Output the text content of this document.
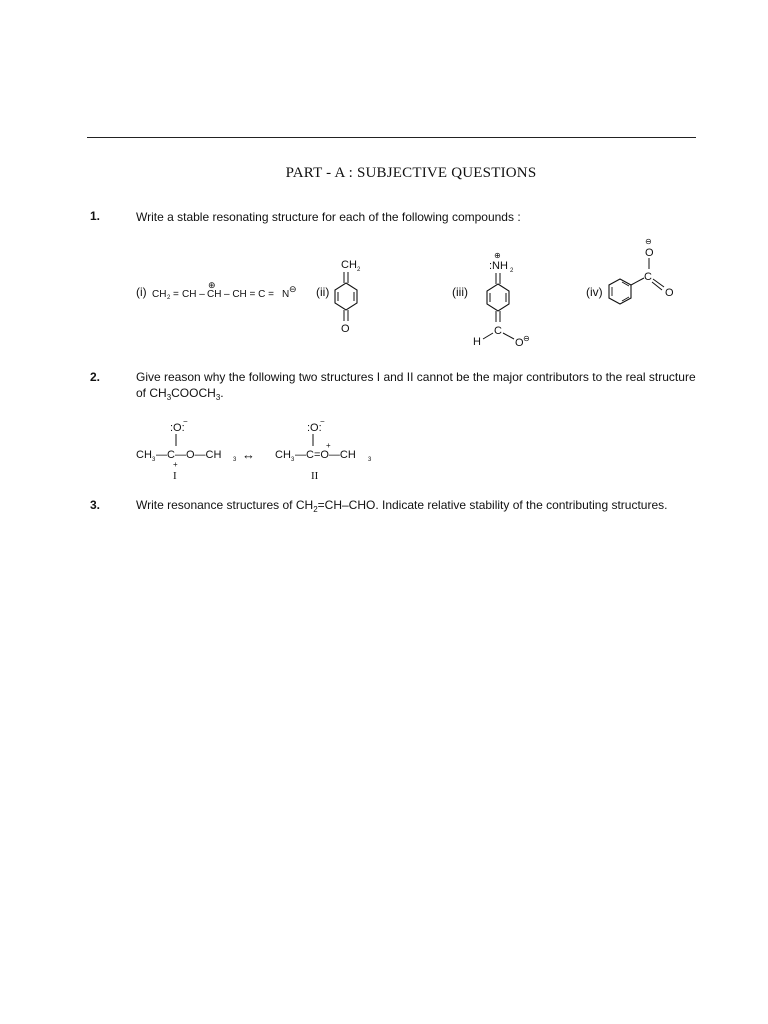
PART - A : SUBJECTIVE QUESTIONS
1.	Write a stable resonating structure for each of the following compounds :
2.	Give reason why the following two structures I and II cannot be the major contributors to the real structure
of $CH_3COOCH_3$.
3.	Write resonance structures of $CH_2=CH$–CHO. Indicate relative stability of the contributing structures.
(i) CH 2 = CH –
⊕
CH – CH = C = N ⊖ (ii)
CH 2
O
(iii)
⊕
:NH 2
C
H	O ⊖
(iv)
C
O
⊖
O
:O:
−
CH 3 —C—O—CH 3
+
I
↔
:O:
−
CH 3 —C=O—CH 3
+
II
